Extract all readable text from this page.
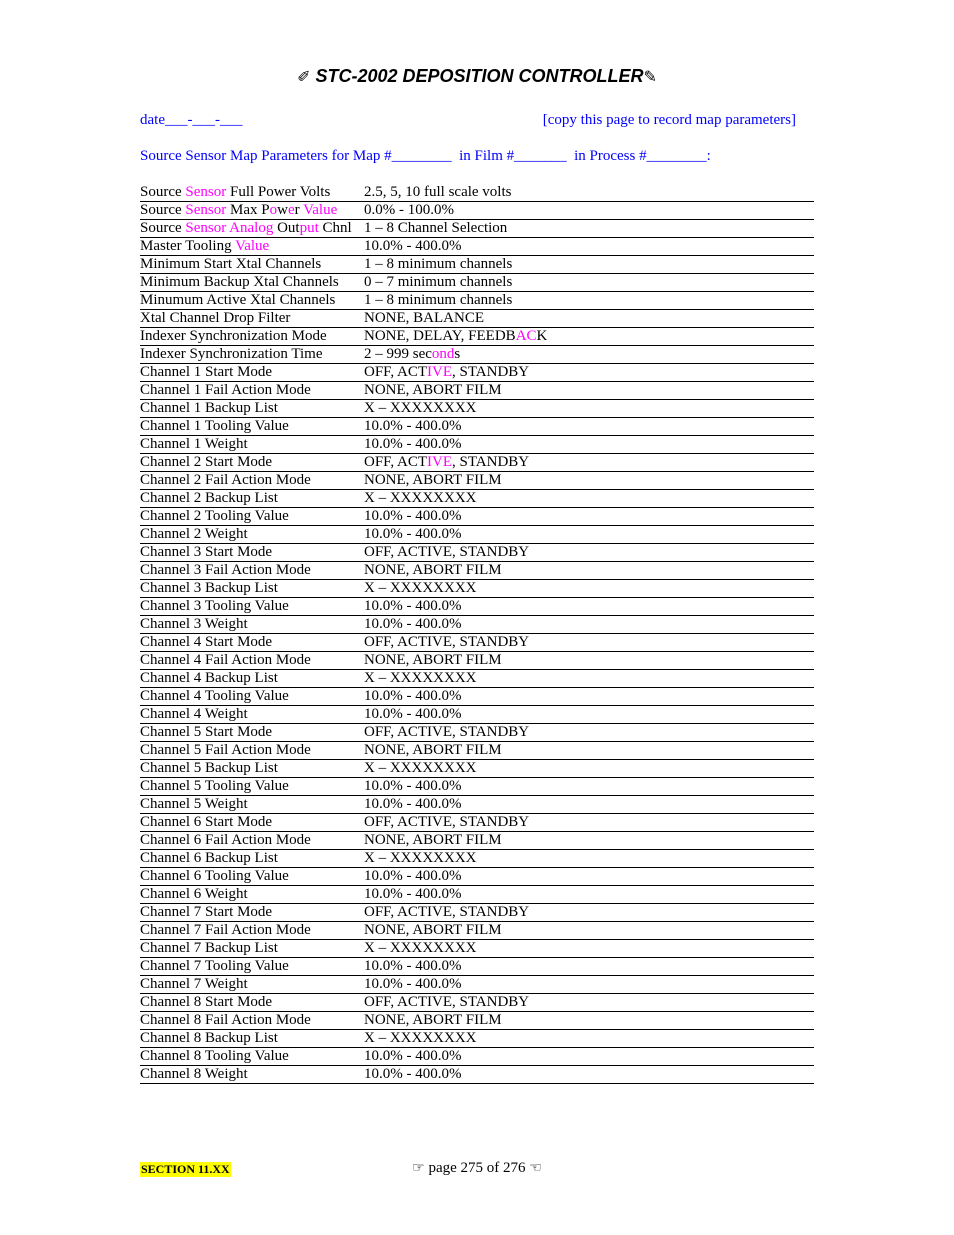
✐ STC-2002 DEPOSITION CONTROLLER✎
date___-___-___	[copy this page to record map parameters]
Source Sensor Map Parameters for Map #________  in Film #_______  in Process #________:
Source Sensor Full Power Volts 2.5, 5, 10 full scale volts
Source Sensor Max Power Value 0.0% - 100.0%
Source Sensor Analog Output Chnl 1 – 8 Channel Selection
Master Tooling Value	10.0% - 400.0%
Minimum Start Xtal Channels	1 – 8 minimum channels
Minimum Backup Xtal Channels 0 – 7 minimum channels
Minumum Active Xtal Channels 1 – 8 minimum channels
Xtal Channel Drop Filter	NONE, BALANCE
Indexer Synchronization Mode NONE, DELAY, FEEDBACK
Indexer Synchronization Time	2 – 999 seconds
Channel 1 Start Mode	OFF, ACTIVE, STANDBY
Channel 1 Fail Action Mode	NONE, ABORT FILM
Channel 1 Backup List	X – XXXXXXXX
Channel 1 Tooling Value	10.0% - 400.0%
Channel 1 Weight	10.0% - 400.0%
Channel 2 Start Mode	OFF, ACTIVE, STANDBY
Channel 2 Fail Action Mode	NONE, ABORT FILM
Channel 2 Backup List	X – XXXXXXXX
Channel 2 Tooling Value	10.0% - 400.0%
Channel 2 Weight	10.0% - 400.0%
Channel 3 Start Mode	OFF, ACTIVE, STANDBY
Channel 3 Fail Action Mode	NONE, ABORT FILM
Channel 3 Backup List	X – XXXXXXXX
Channel 3 Tooling Value	10.0% - 400.0%
Channel 3 Weight	10.0% - 400.0%
Channel 4 Start Mode	OFF, ACTIVE, STANDBY
Channel 4 Fail Action Mode	NONE, ABORT FILM
Channel 4 Backup List	X – XXXXXXXX
Channel 4 Tooling Value	10.0% - 400.0%
Channel 4 Weight	10.0% - 400.0%
Channel 5 Start Mode	OFF, ACTIVE, STANDBY
Channel 5 Fail Action Mode	NONE, ABORT FILM
Channel 5 Backup List	X – XXXXXXXX
Channel 5 Tooling Value	10.0% - 400.0%
Channel 5 Weight	10.0% - 400.0%
Channel 6 Start Mode	OFF, ACTIVE, STANDBY
Channel 6 Fail Action Mode	NONE, ABORT FILM
Channel 6 Backup List	X – XXXXXXXX
Channel 6 Tooling Value	10.0% - 400.0%
Channel 6 Weight	10.0% - 400.0%
Channel 7 Start Mode	OFF, ACTIVE, STANDBY
Channel 7 Fail Action Mode	NONE, ABORT FILM
Channel 7 Backup List	X – XXXXXXXX
Channel 7 Tooling Value	10.0% - 400.0%
Channel 7 Weight	10.0% - 400.0%
Channel 8 Start Mode	OFF, ACTIVE, STANDBY
Channel 8 Fail Action Mode	NONE, ABORT FILM
Channel 8 Backup List	X – XXXXXXXX
Channel 8 Tooling Value	10.0% - 400.0%
Channel 8 Weight	10.0% - 400.0%
SECTION 11.XX	☞ page 275 of 276 ☜
